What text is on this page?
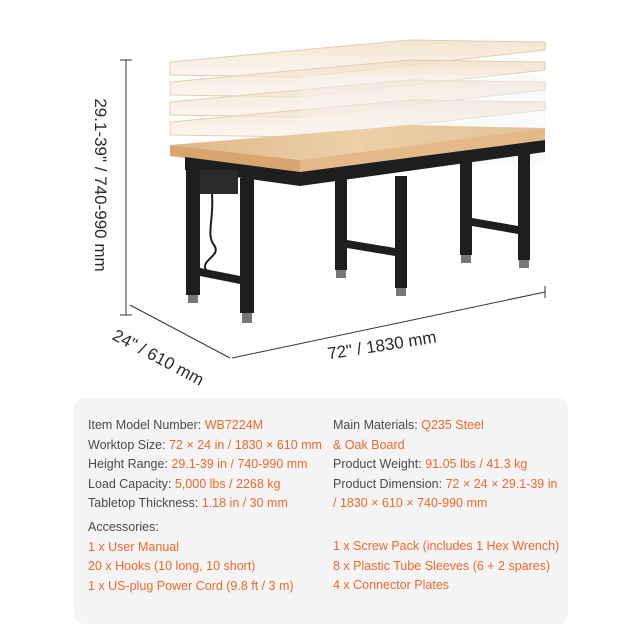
29.1-39" / 740-990 mm
24" / 610 mm	72" / 1830 mm
Item Model Number: WB7224M
Worktop Size: 72 × 24 in / 1830 × 610 mm
Height Range: 29.1-39 in / 740-990 mm
Load Capacity: 5,000 lbs / 2268 kg
Tabletop Thickness: 1.18 in / 30 mm
Main Materials: Q235 Steel
& Oak Board
Product Weight: 91.05 lbs / 41.3 kg
Product Dimension: 72 × 24 × 29.1-39 in
/ 1830 × 610 × 740-990 mm
Accessories:
1 x User Manual
20 x Hooks (10 long, 10 short)
1 x US-plug Power Cord (9.8 ft / 3 m)
1 x Screw Pack (includes 1 Hex Wrench)
8 x Plastic Tube Sleeves (6 + 2 spares)
4 x Connector Plates
